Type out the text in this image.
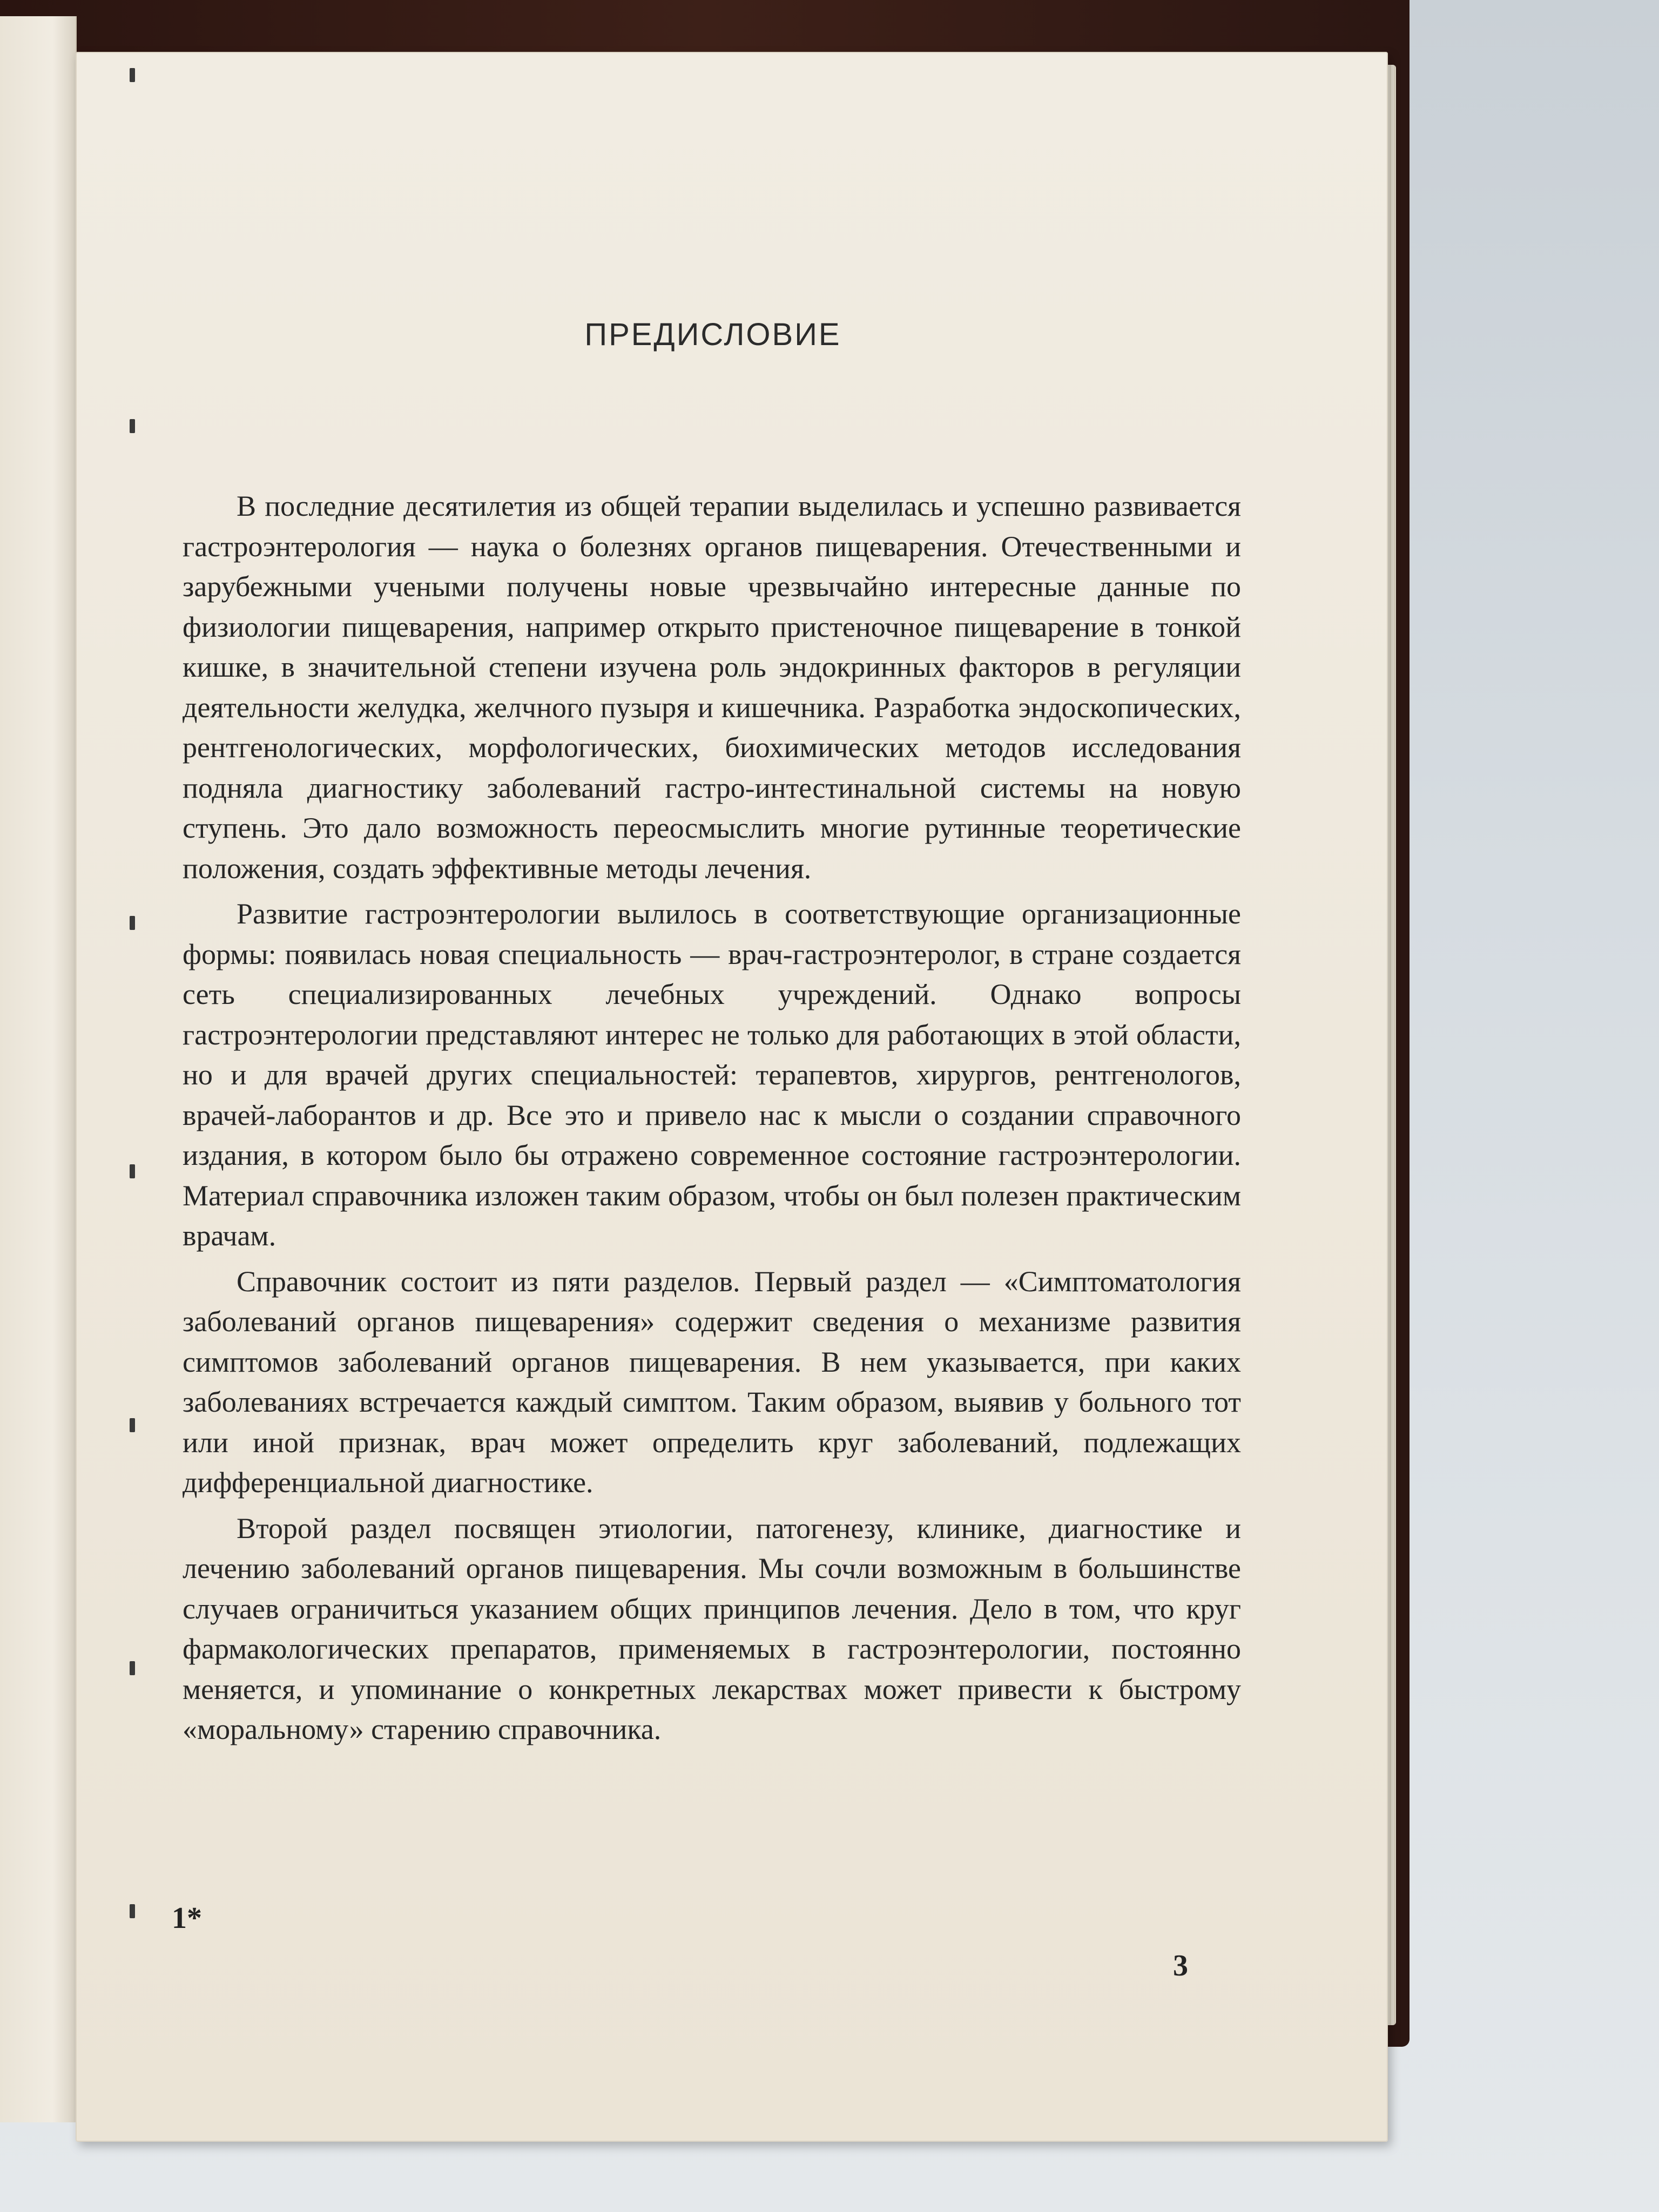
ПРЕДИСЛОВИЕ

В последние десятилетия из общей терапии выделилась и успешно развивается гастроэнтерология — наука о болезнях органов пищеварения. Отечественными и зарубежными учеными получены новые чрезвычайно интересные данные по физиологии пищеварения, например открыто пристеночное пищеварение в тонкой кишке, в значительной степени изучена роль эндокринных факторов в регуляции деятельности желудка, желчного пузыря и кишечника. Разработка эндоскопических, рентгенологических, морфологических, биохимических методов исследования подняла диагностику заболеваний гастро-интестинальной системы на новую ступень. Это дало возможность переосмыслить многие рутинные теоретические положения, создать эффективные методы лечения.

Развитие гастроэнтерологии вылилось в соответствующие организационные формы: появилась новая специальность — врач-гастроэнтеролог, в стране создается сеть специализированных лечебных учреждений. Однако вопросы гастроэнтерологии представляют интерес не только для работающих в этой области, но и для врачей других специальностей: терапевтов, хирургов, рентгенологов, врачей-лаборантов и др. Все это и привело нас к мысли о создании справочного издания, в котором было бы отражено современное состояние гастроэнтерологии. Материал справочника изложен таким образом, чтобы он был полезен практическим врачам.

Справочник состоит из пяти разделов. Первый раздел — «Симптоматология заболеваний органов пищеварения» содержит сведения о механизме развития симптомов заболеваний органов пищеварения. В нем указывается, при каких заболеваниях встречается каждый симптом. Таким образом, выявив у больного тот или иной признак, врач может определить круг заболеваний, подлежащих дифференциальной диагностике.

Второй раздел посвящен этиологии, патогенезу, клинике, диагностике и лечению заболеваний органов пищеварения. Мы сочли возможным в большинстве случаев ограничиться указанием общих принципов лечения. Дело в том, что круг фармакологических препаратов, применяемых в гастроэнтерологии, постоянно меняется, и упоминание о конкретных лекарствах может привести к быстрому «моральному» старению справочника.

1*
3
